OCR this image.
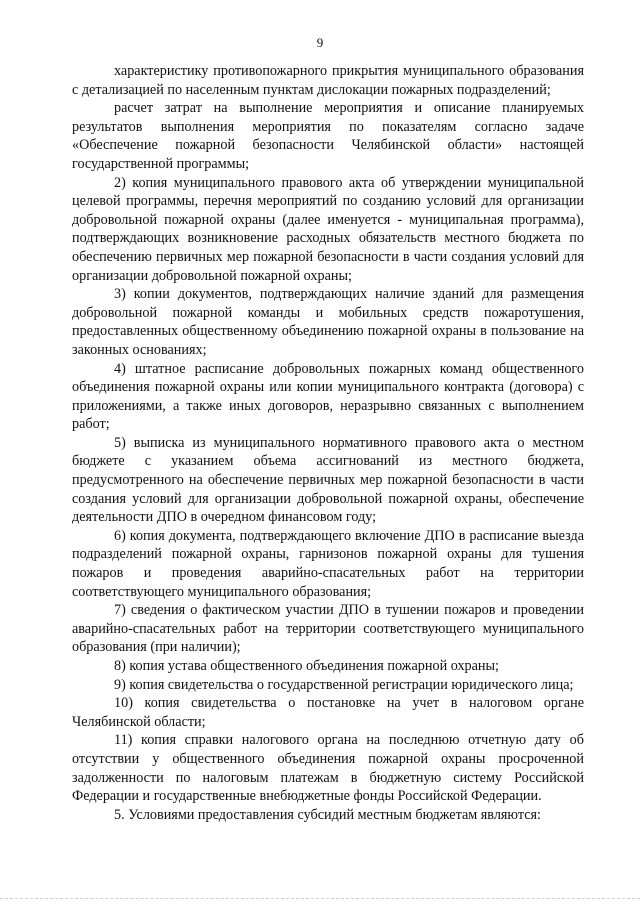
9

характеристику противопожарного прикрытия муниципального образования с детализацией по населенным пунктам дислокации пожарных подразделений;

расчет затрат на выполнение мероприятия и описание планируемых результатов выполнения мероприятия по показателям согласно задаче «Обеспечение пожарной безопасности Челябинской области» настоящей государственной программы;

2) копия муниципального правового акта об утверждении муниципальной целевой программы, перечня мероприятий по созданию условий для организации добровольной пожарной охраны (далее именуется - муниципальная программа), подтверждающих возникновение расходных обязательств местного бюджета по обеспечению первичных мер пожарной безопасности в части создания условий для организации добровольной пожарной охраны;

3) копии документов, подтверждающих наличие зданий для размещения добровольной пожарной команды и мобильных средств пожаротушения, предоставленных общественному объединению пожарной охраны в пользование на законных основаниях;

4) штатное расписание добровольных пожарных команд общественного объединения пожарной охраны или копии муниципального контракта (договора) с приложениями, а также иных договоров, неразрывно связанных с выполнением работ;

5) выписка из муниципального нормативного правового акта о местном бюджете с указанием объема ассигнований из местного бюджета, предусмотренного на обеспечение первичных мер пожарной безопасности в части создания условий для организации добровольной пожарной охраны, обеспечение деятельности ДПО в очередном финансовом году;

6) копия документа, подтверждающего включение ДПО в расписание выезда подразделений пожарной охраны, гарнизонов пожарной охраны для тушения пожаров и проведения аварийно-спасательных работ на территории соответствующего муниципального образования;

7) сведения о фактическом участии ДПО в тушении пожаров и проведении аварийно-спасательных работ на территории соответствующего муниципального образования (при наличии);

8) копия устава общественного объединения пожарной охраны;

9) копия свидетельства о государственной регистрации юридического лица;

10) копия свидетельства о постановке на учет в налоговом органе Челябинской области;

11) копия справки налогового органа на последнюю отчетную дату об отсутствии у общественного объединения пожарной охраны просроченной задолженности по налоговым платежам в бюджетную систему Российской Федерации и государственные внебюджетные фонды Российской Федерации.

5. Условиями предоставления субсидий местным бюджетам являются:
